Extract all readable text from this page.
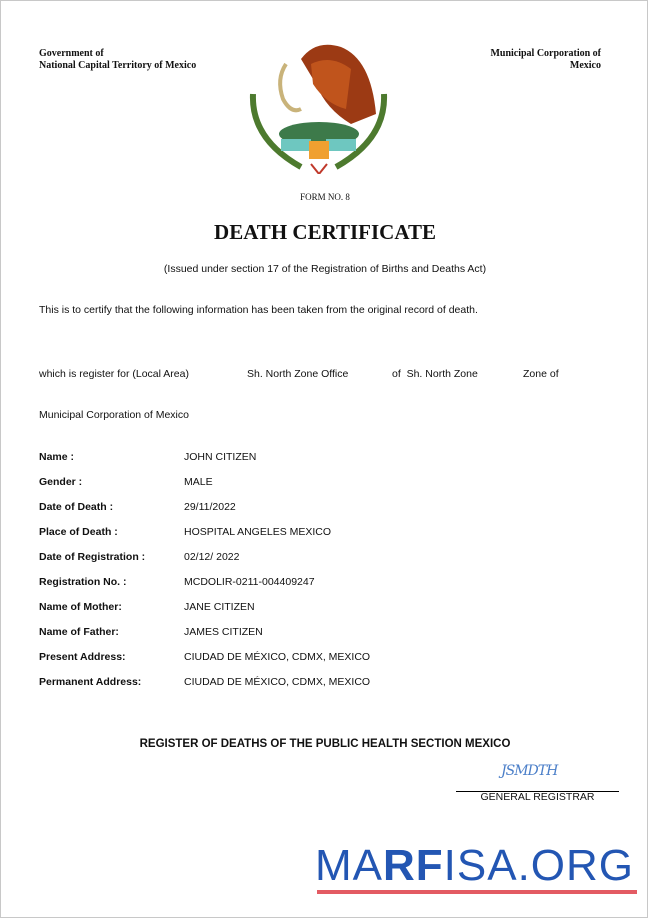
Government of
National Capital Territory of Mexico
Municipal Corporation of
Mexico
FORM NO. 8
DEATH CERTIFICATE
(Issued under section 17 of the Registration of Births and Deaths Act)
This is to certify that the following information has been taken from the original record of death.
which is register for (Local Area)	Sh. North Zone Office	of  Sh. North Zone	Zone of
Municipal Corporation of Mexico
Name :	JOHN CITIZEN
Gender :	MALE
Date of Death :	29/11/2022
Place of Death :	HOSPITAL ANGELES MEXICO
Date of Registration :	02/12/ 2022
Registration No. :	MCDOLIR-0211-004409247
Name of Mother:	JANE CITIZEN
Name of Father:	JAMES CITIZEN
Present Address:	CIUDAD DE MÉXICO, CDMX, MEXICO
Permanent Address:	CIUDAD DE MÉXICO, CDMX, MEXICO
REGISTER OF DEATHS OF THE PUBLIC HEALTH SECTION MEXICO
JSMDTH
GENERAL REGISTRAR
MARFISA.ORG
